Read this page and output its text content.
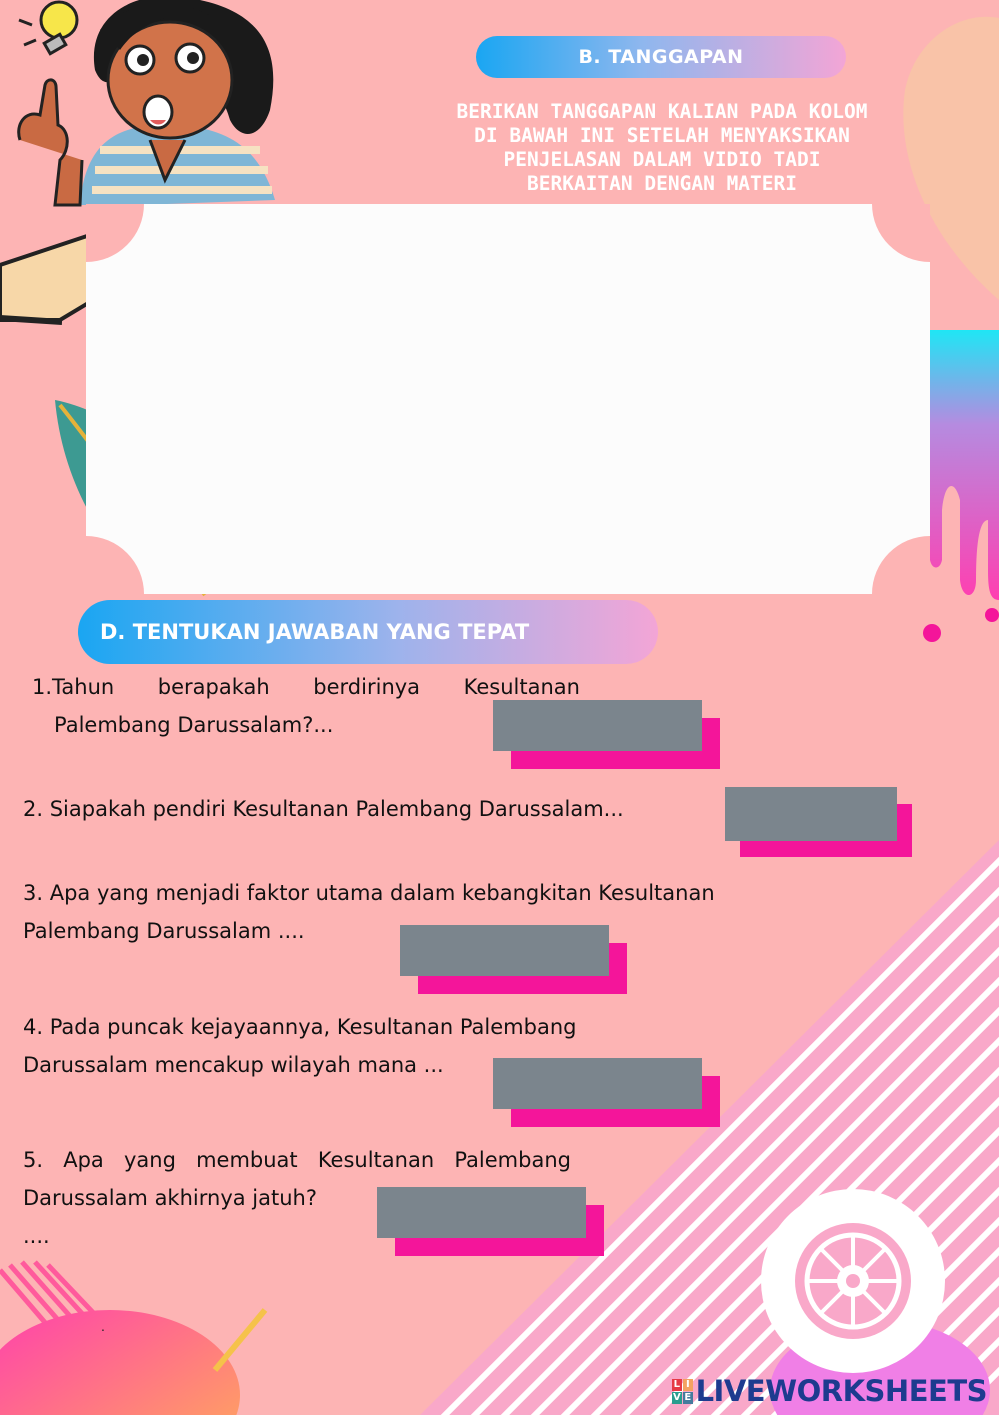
B. TANGGAPAN
BERIKAN TANGGAPAN KALIAN PADA KOLOM DI BAWAH INI SETELAH MENYAKSIKAN PENJELASAN DALAM VIDIO TADI BERKAITAN DENGAN MATERI
D. TENTUKAN JAWABAN YANG TEPAT
1.Tahun berapakah berdirinya Kesultanan
Palembang Darussalam?...
2. Siapakah pendiri Kesultanan Palembang Darussalam...
3. Apa yang menjadi faktor utama dalam kebangkitan Kesultanan
Palembang Darussalam ....
4. Pada puncak kejayaannya, Kesultanan Palembang
Darussalam mencakup wilayah mana ...
5. Apa yang membuat Kesultanan Palembang
Darussalam akhirnya jatuh?
....
.
L I
V E LIVEWORKSHEETS
